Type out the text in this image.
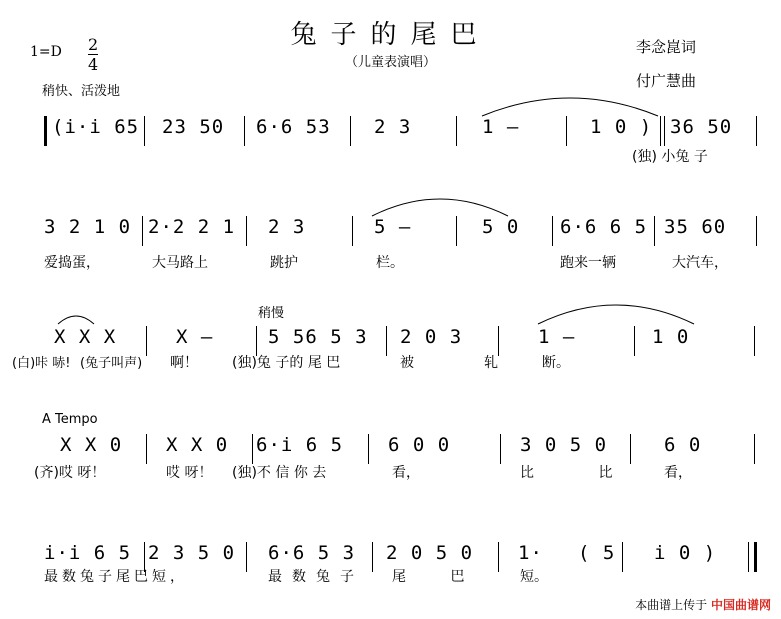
兔子的尾巴
（儿童表演唱）
李念崑词
付广慧曲
1=D 2
4
稍快、活泼地
(i·i 65 23 50 6·6 53 2 3	1 –	1 0 ) 36 50
(独) 小兔 子
3 2 1 0 2·2 2 1 2 3	5 –	5 0 6·6 6 5 35 60
爱捣蛋，	大马路上	跳护	栏。	跑来一辆	大汽车，
稍慢
X X X	X –	5 56 5 3 2 0 3	1 –	1 0
(白)咔 哧! (兔子叫声) 啊！ (独)兔 子的 尾 巴	被	轧	断。
A Tempo
X X 0 X X 0 6·i 6 5 6 0 0	3 0 5 0	6 0
(齐)哎 呀！	哎 呀！ (独)不 信 你 去	看，	比 比 看，
i·i 6 5 2 3 5 0 6·6 5 3 2 0 5 0 1· ( 5 i 0 )
最数兔子尾巴短，	最数兔子 尾 巴	短。
本曲谱上传于 中国曲谱网
